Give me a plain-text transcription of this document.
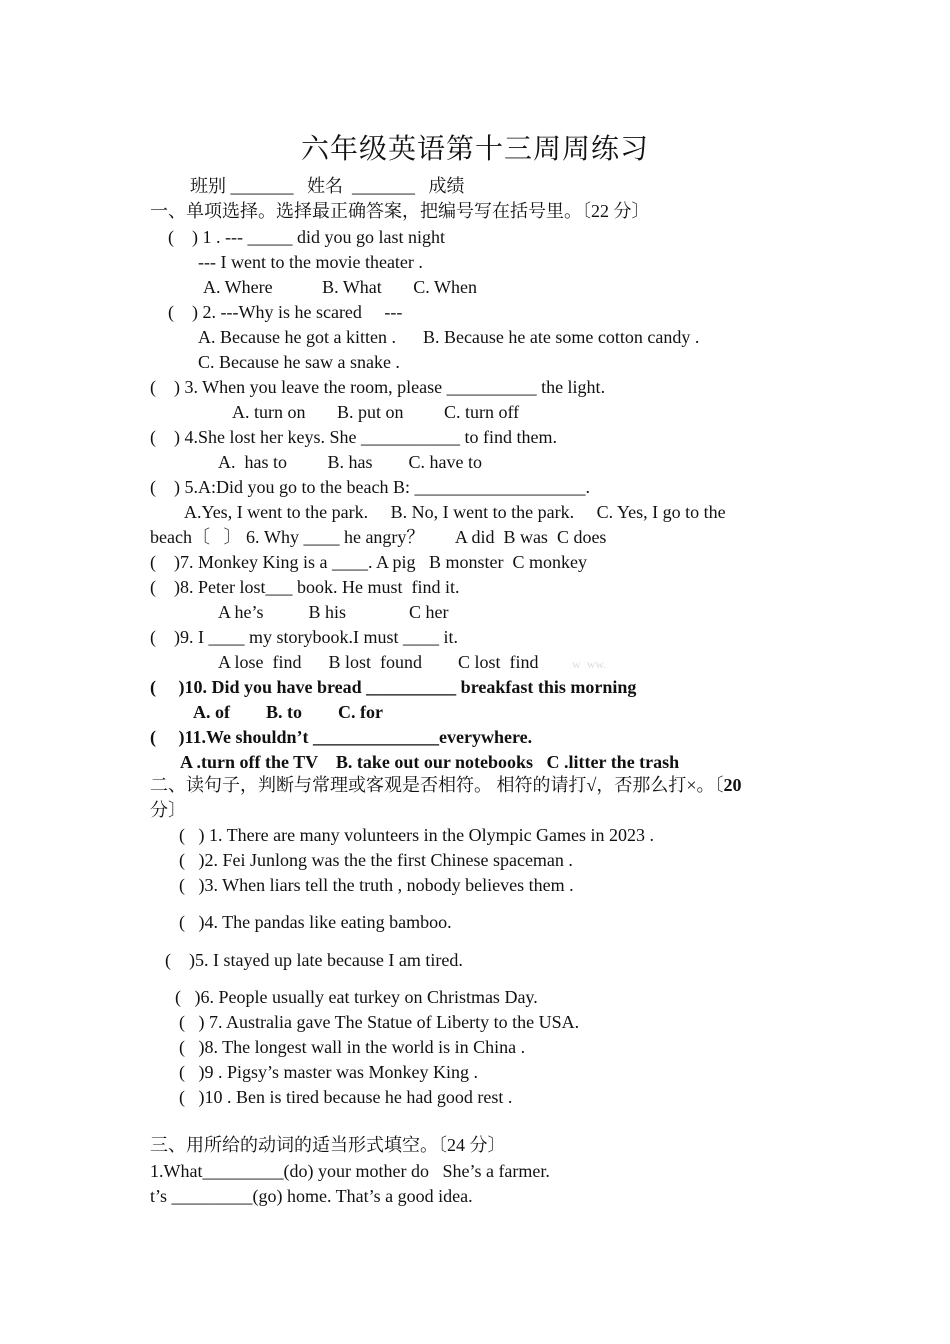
六年级英语第十三周周练习
班别 _______   姓名  _______   成绩
一、单项选择。选择最正确答案，把编号写在括号里。〔22 分〕
(    ) 1 . --- _____ did you go last night
--- I went to the movie theater .
A. Where           B. What       C. When
(    ) 2. ---Why is he scared     ---
A. Because he got a kitten .      B. Because he ate some cotton candy .
C. Because he saw a snake .
(    ) 3. When you leave the room, please __________ the light.
A. turn on       B. put on         C. turn off
(    ) 4.She lost her keys. She ___________ to find them.
A.  has to         B. has        C. have to
(    ) 5.A:Did you go to the beach B: ___________________.
A.Yes, I went to the park.     B. No, I went to the park.     C. Yes, I go to the
beach〔   〕 6. Why ____ he angry？       A did  B was  C does
(    )7. Monkey King is a ____. A pig   B monster  C monkey
(    )8. Peter lost___ book. He must  find it.
A he’s          B his              C her
(    )9. I ____ my storybook.I must ____ it.
A lose  find      B lost  found        C lost  find	w  ww.
(     )10. Did you have bread __________ breakfast this morning
A. of        B. to        C. for
(     )11.We shouldn’t ______________everywhere.
A .turn off the TV    B. take out our notebooks   C .litter the trash
二、读句子，判断与常理或客观是否相符。 相符的请打√，否那么打×。〔20
分〕
(   ) 1. There are many volunteers in the Olympic Games in 2023 .
(   )2. Fei Junlong was the the first Chinese spaceman .
(   )3. When liars tell the truth , nobody believes them .
(   )4. The pandas like eating bamboo.
(    )5. I stayed up late because I am tired.
(   )6. People usually eat turkey on Christmas Day.
(   ) 7. Australia gave The Statue of Liberty to the USA.
(   )8. The longest wall in the world is in China .
(   )9 . Pigsy’s master was Monkey King .
(   )10 . Ben is tired because he had good rest .
三、用所给的动词的适当形式填空。〔24 分〕
1.What_________(do) your mother do   She’s a farmer.
t’s _________(go) home. That’s a good idea.
